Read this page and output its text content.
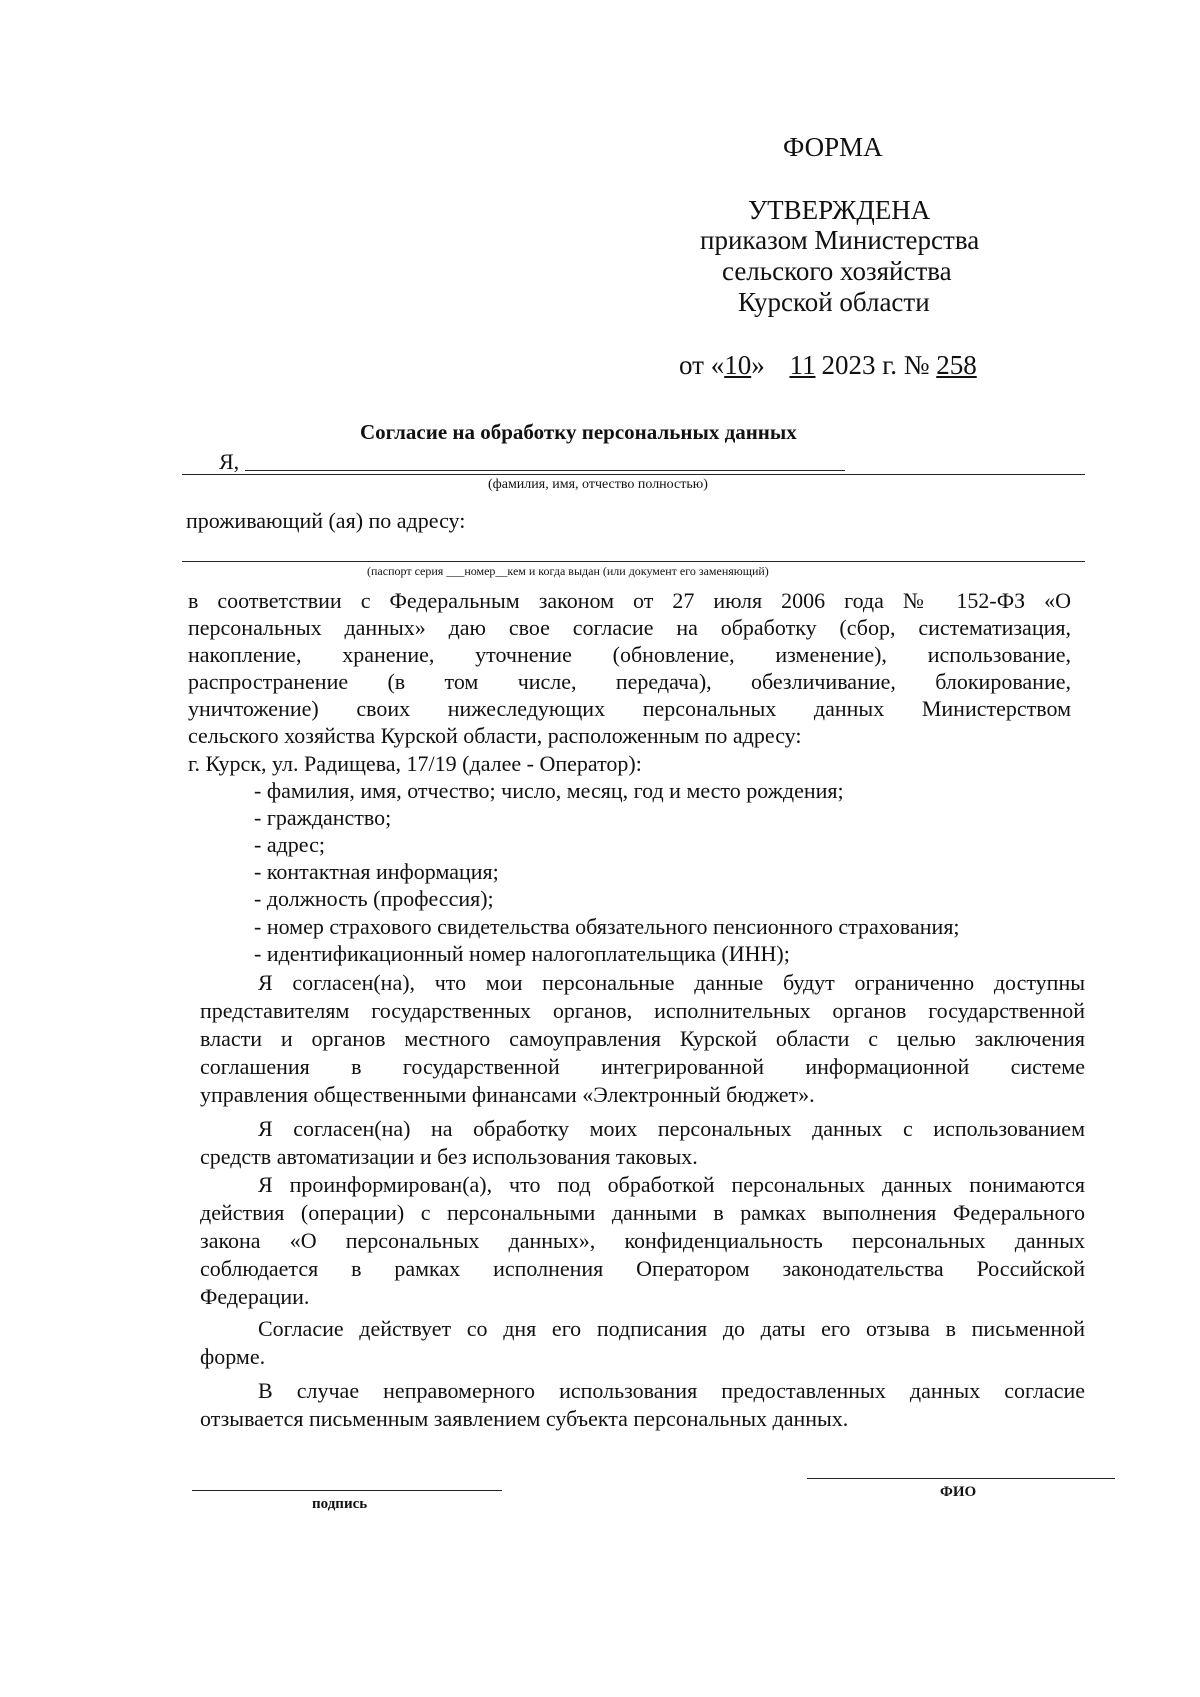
ФОРМА
УТВЕРЖДЕНА
приказом Министерства
сельского хозяйства
Курской области
от «10» 11 2023 г. № 258
Согласие на обработку персональных данных
Я,
(фамилия, имя, отчество полностью)
проживающий (ая) по адресу:
(паспорт серия ___номер__кем и когда выдан (или документ его заменяющий)
в соответствии с Федеральным законом от 27 июля 2006 года № 152-ФЗ «О
персональных данных» даю свое согласие на обработку (сбор, систематизация,
накопление, хранение, уточнение (обновление, изменение), использование,
распространение (в том числе, передача), обезличивание, блокирование,
уничтожение) своих нижеследующих персональных данных Министерством
сельского хозяйства Курской области, расположенным по адресу:
г. Курск, ул. Радищева, 17/19 (далее - Оператор):
- фамилия, имя, отчество; число, месяц, год и место рождения;
- гражданство;
- адрес;
- контактная информация;
- должность (профессия);
- номер страхового свидетельства обязательного пенсионного страхования;
- идентификационный номер налогоплательщика (ИНН);
Я согласен(на), что мои персональные данные будут ограниченно доступны
представителям государственных органов, исполнительных органов государственной
власти и органов местного самоуправления Курской области с целью заключения
соглашения в государственной интегрированной информационной системе
управления общественными финансами «Электронный бюджет».
Я согласен(на) на обработку моих персональных данных с использованием
средств автоматизации и без использования таковых.
Я проинформирован(а), что под обработкой персональных данных понимаются
действия (операции) с персональными данными в рамках выполнения Федерального
закона «О персональных данных», конфиденциальность персональных данных
соблюдается в рамках исполнения Оператором законодательства Российской
Федерации.
Согласие действует со дня его подписания до даты его отзыва в письменной
форме.
В случае неправомерного использования предоставленных данных согласие
отзывается письменным заявлением субъекта персональных данных.
подпись
ФИО
